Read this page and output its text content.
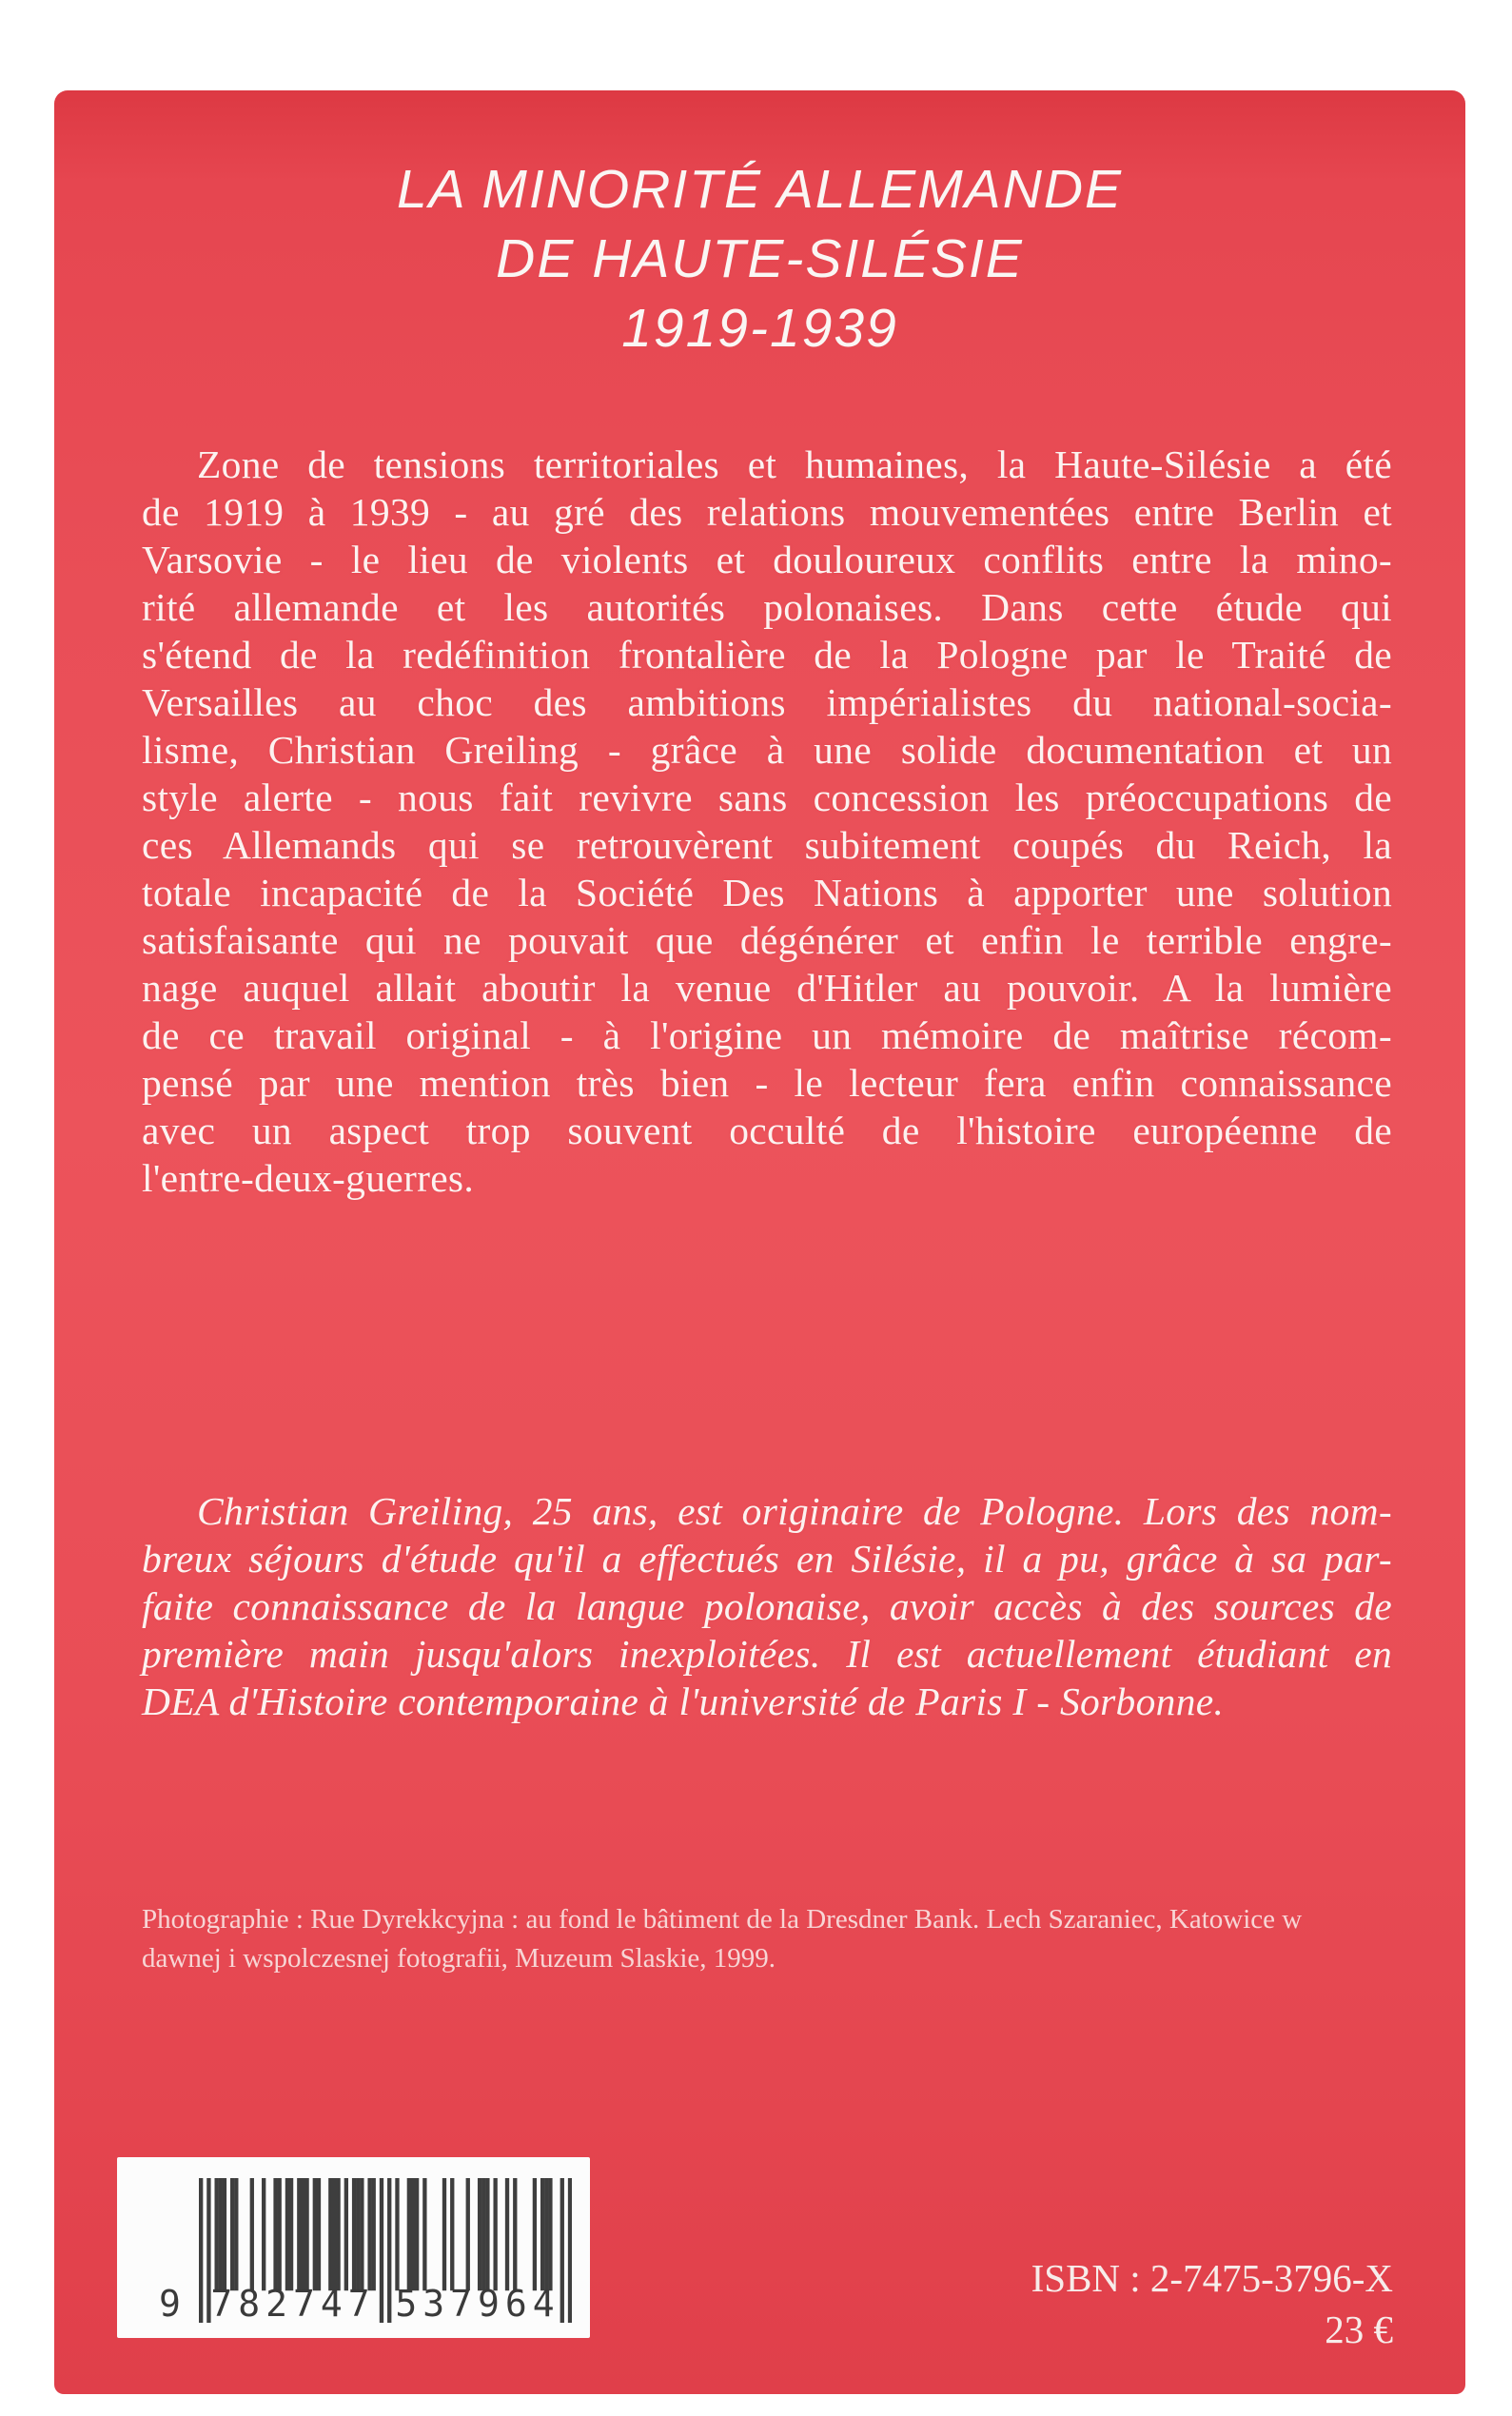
LA MINORITÉ ALLEMANDE
DE HAUTE-SILÉSIE
1919-1939
Zone de tensions territoriales et humaines, la Haute-Silésie a été
de 1919 à 1939 - au gré des relations mouvementées entre Berlin et
Varsovie - le lieu de violents et douloureux conflits entre la mino-
rité allemande et les autorités polonaises. Dans cette étude qui
s'étend de la redéfinition frontalière de la Pologne par le Traité de
Versailles au choc des ambitions impérialistes du national-socia-
lisme, Christian Greiling - grâce à une solide documentation et un
style alerte - nous fait revivre sans concession les préoccupations de
ces Allemands qui se retrouvèrent subitement coupés du Reich, la
totale incapacité de la Société Des Nations à apporter une solution
satisfaisante qui ne pouvait que dégénérer et enfin le terrible engre-
nage auquel allait aboutir la venue d'Hitler au pouvoir. A la lumière
de ce travail original - à l'origine un mémoire de maîtrise récom-
pensé par une mention très bien - le lecteur fera enfin connaissance
avec un aspect trop souvent occulté de l'histoire européenne de
l'entre-deux-guerres.
Christian Greiling, 25 ans, est originaire de Pologne. Lors des nom-
breux séjours d'étude qu'il a effectués en Silésie, il a pu, grâce à sa par-
faite connaissance de la langue polonaise, avoir accès à des sources de
première main jusqu'alors inexploitées. Il est actuellement étudiant en
DEA d'Histoire contemporaine à l'université de Paris I - Sorbonne.
Photographie : Rue Dyrekkcyjna : au fond le bâtiment de la Dresdner Bank. Lech Szaraniec, Katowice w
dawnej i wspolczesnej fotografii, Muzeum Slaskie, 1999.
9 782747 537964
ISBN : 2-7475-3796-X
23 €
